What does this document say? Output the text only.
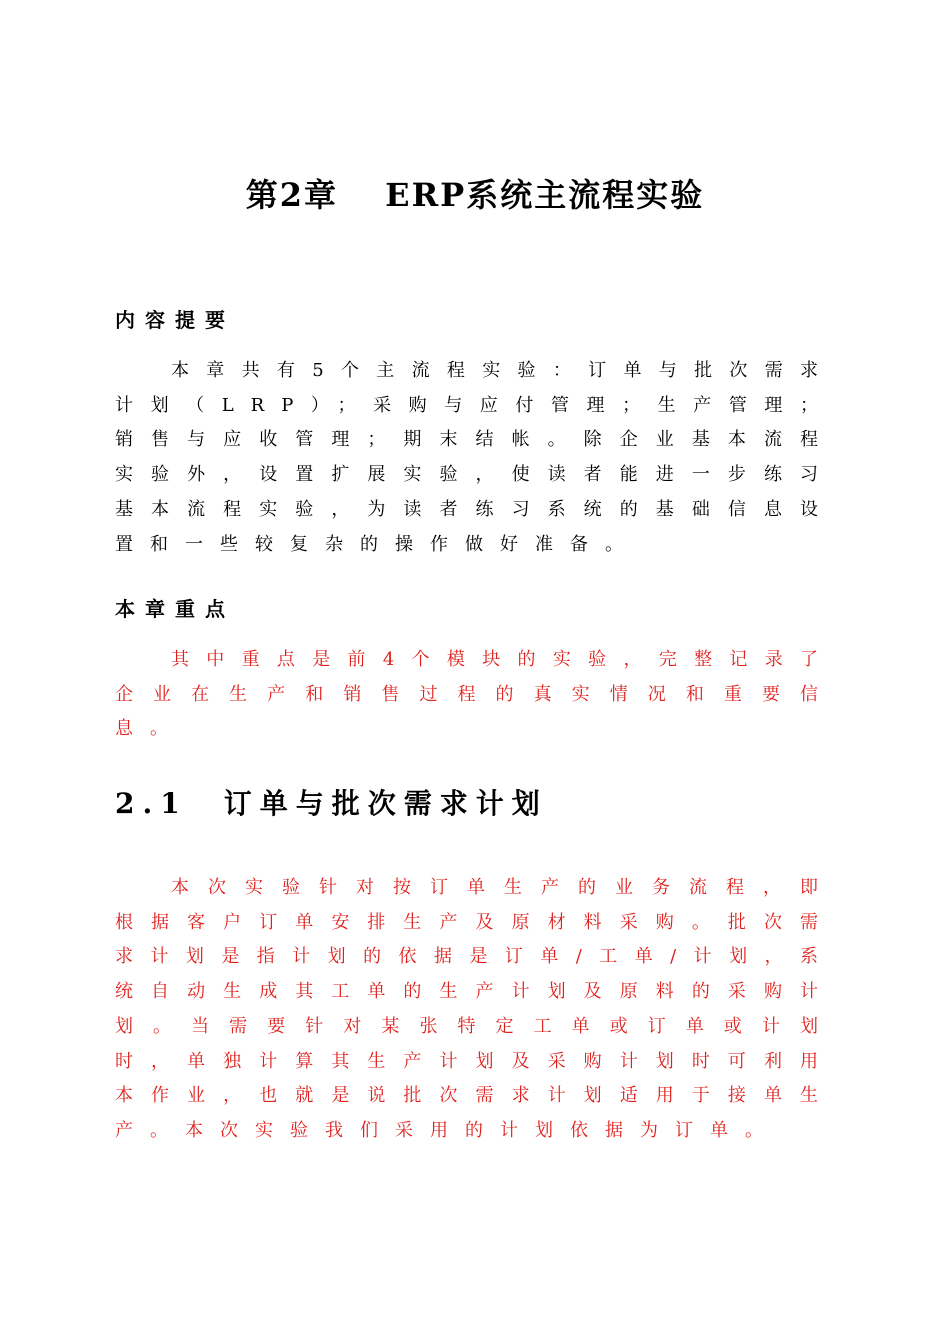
第2章　 ERP系统主流程实验
内容提要

本章共有5个主流程实验：订单与批次需求计划（LRP）；采购与应付管理；生产管理；销售与应收管理；期末结帐。除企业基本流程实验外，设置扩展实验，使读者能进一步练习基本流程实验，为读者练习系统的基础信息设置和一些较复杂的操作做好准备。

本章重点

其中重点是前4个模块的实验，完整记录了企业在生产和销售过程的真实情况和重要信息。

2.1　订单与批次需求计划

本次实验针对按订单生产的业务流程，即根据客户订单安排生产及原材料采购。批次需求计划是指计划的依据是订单/工单/计划，系统自动生成其工单的生产计划及原料的采购计划。当需要针对某张特定工单或订单或计划时，单独计算其生产计划及采购计划时可利用本作业，也就是说批次需求计划适用于接单生产。本次实验我们采用的计划依据为订单。
